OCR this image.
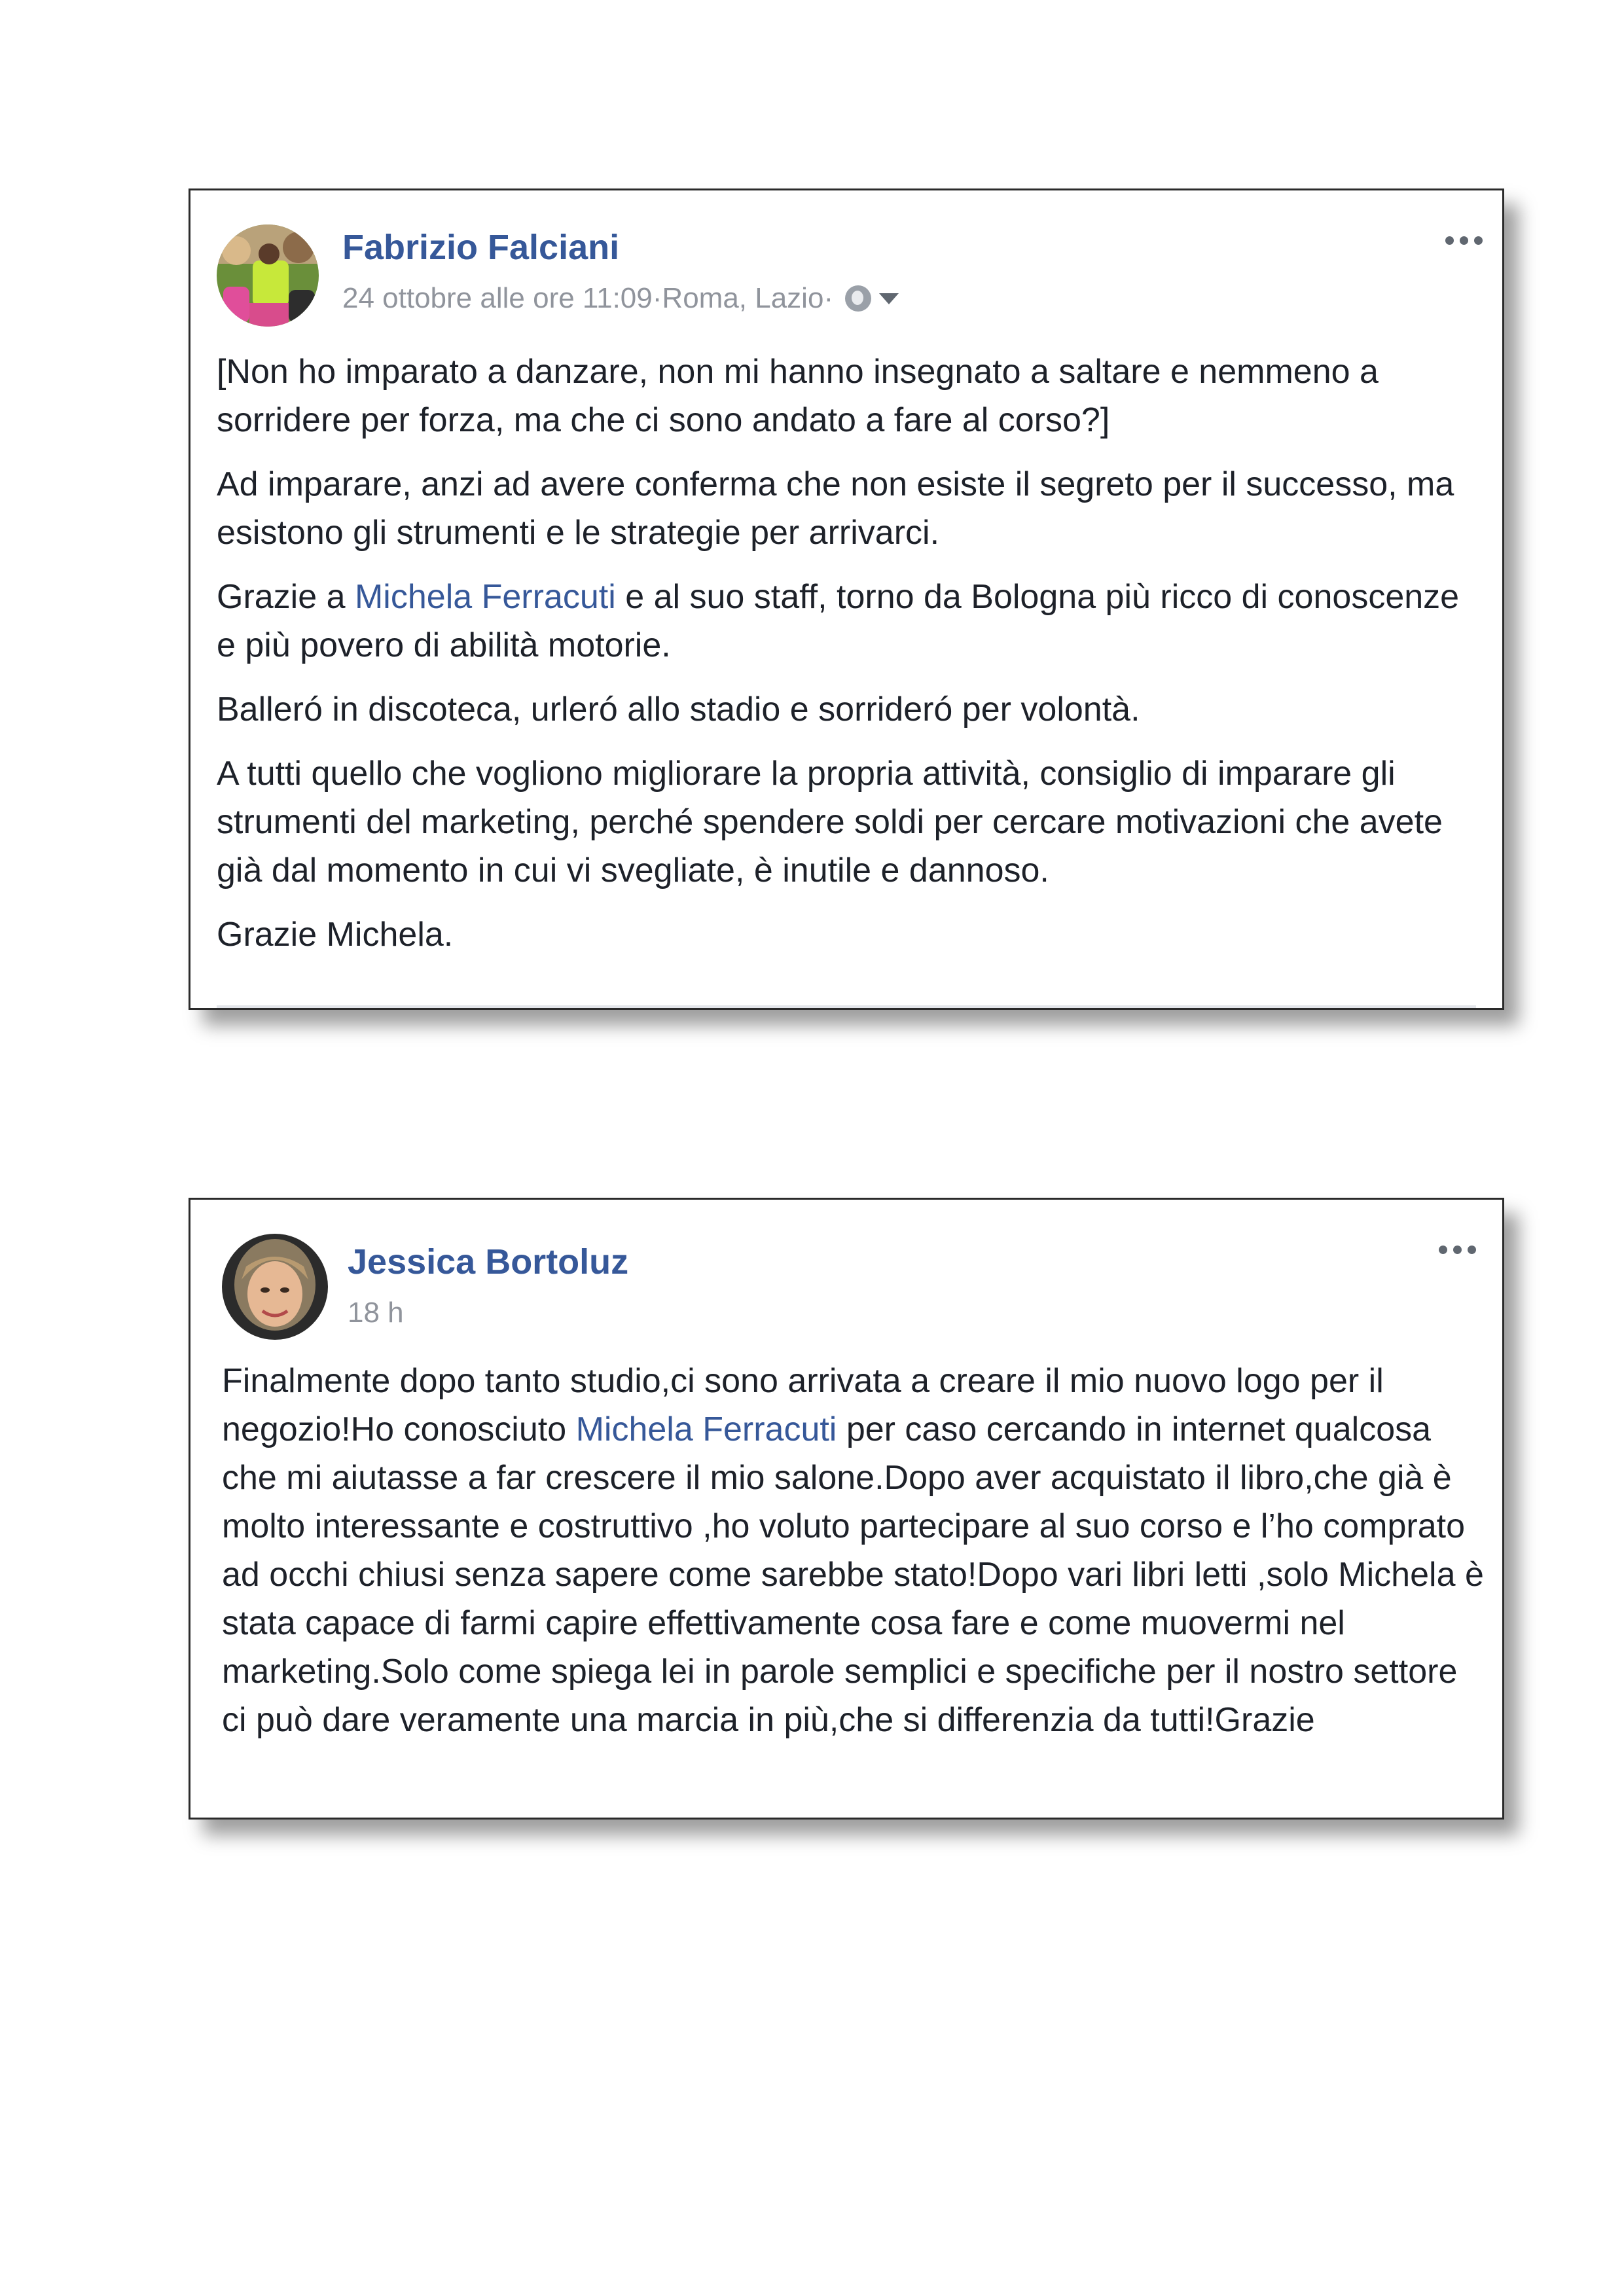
Fabrizio Falciani
24 ottobre alle ore 11:09 · Roma, Lazio ·

[Non ho imparato a danzare, non mi hanno insegnato a saltare e nemmeno a sorridere per forza, ma che ci sono andato a fare al corso?]

Ad imparare, anzi ad avere conferma che non esiste il segreto per il successo, ma esistono gli strumenti e le strategie per arrivarci.

Grazie a Michela Ferracuti e al suo staff, torno da Bologna più ricco di conoscenze e più povero di abilità motorie.

Balleró in discoteca, urleró allo stadio e sorrideró per volontà.

A tutti quello che vogliono migliorare la propria attività, consiglio di imparare gli strumenti del marketing, perché spendere soldi per cercare motivazioni che avete già dal momento in cui vi svegliate, è inutile e dannoso.

Grazie Michela.

Jessica Bortoluz
18 h

Finalmente dopo tanto studio,ci sono arrivata a creare il mio nuovo logo per il negozio!Ho conosciuto Michela Ferracuti per caso cercando in internet qualcosa che mi aiutasse a far crescere il mio salone.Dopo aver acquistato il libro,che già è molto interessante e costruttivo ,ho voluto partecipare al suo corso e l’ho comprato ad occhi chiusi senza sapere come sarebbe stato!Dopo vari libri letti ,solo Michela è stata capace di farmi capire effettivamente cosa fare e come muovermi nel marketing.Solo come spiega lei in parole semplici e specifiche per il nostro settore ci può dare veramente una marcia in più,che si differenzia da tutti!Grazie
